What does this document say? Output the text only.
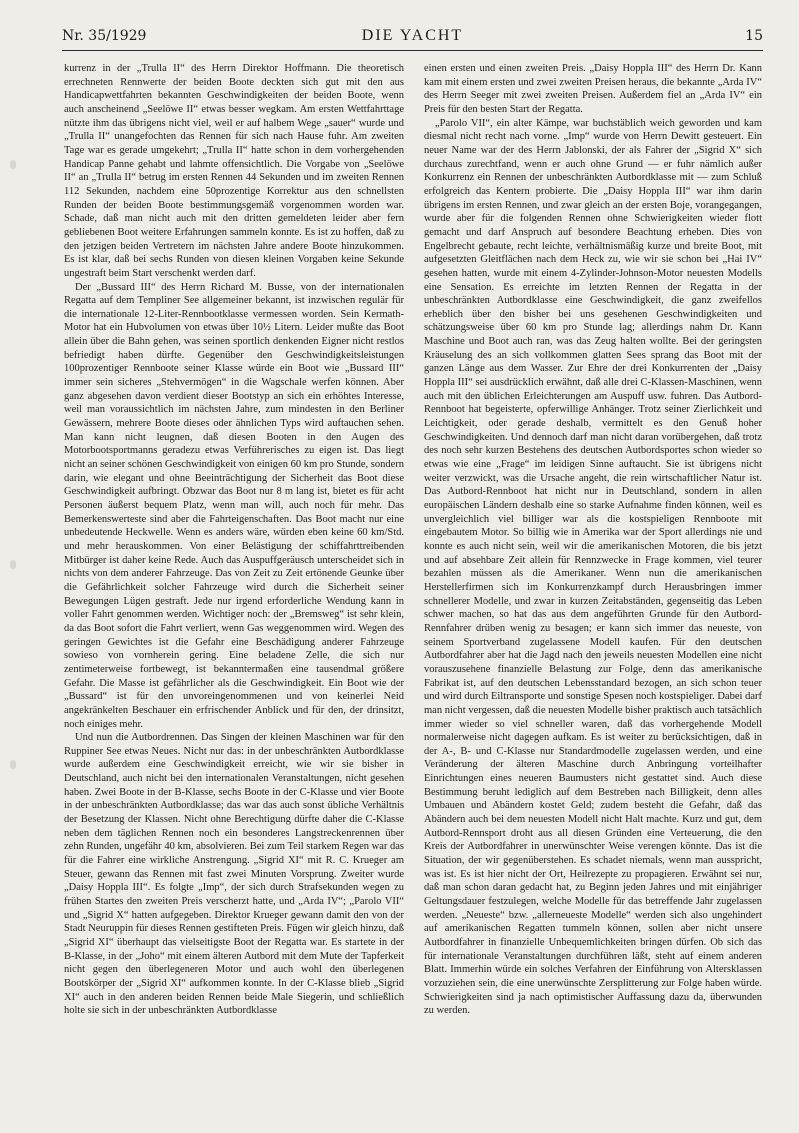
Nr. 35/1929	DIE YACHT	15

kurrenz in der „Trulla II“ des Herrn Direktor Hoffmann. Die theoretisch errechneten Rennwerte der beiden Boote deckten sich gut mit den aus Handicapwettfahrten bekannten Geschwindigkeiten der beiden Boote, wenn auch anscheinend „Seelöwe II“ etwas besser wegkam. Am ersten Wettfahrttage nützte ihm das übrigens nicht viel, weil er auf halbem Wege „sauer“ wurde und „Trulla II“ unangefochten das Rennen für sich nach Hause fuhr. Am zweiten Tage war es gerade umgekehrt; „Trulla II“ hatte schon in dem vorhergehenden Handicap Panne gehabt und lahmte offensichtlich. Die Vorgabe von „Seelöwe II“ an „Trulla II“ betrug im ersten Rennen 44 Sekunden und im zweiten Rennen 112 Sekunden, nachdem eine 50prozentige Korrektur aus den schnellsten Runden der beiden Boote bestimmungsgemäß vorgenommen worden war. Schade, daß man nicht auch mit den dritten gemeldeten leider aber fern gebliebenen Boot weitere Erfahrungen sammeln konnte. Es ist zu hoffen, daß zu den jetzigen beiden Vertretern im nächsten Jahre andere Boote hinzukommen. Es ist klar, daß bei sechs Runden von diesen kleinen Vorgaben keine Sekunde ungestraft beim Start verschenkt werden darf.

Der „Bussard III“ des Herrn Richard M. Busse, von der internationalen Regatta auf dem Templiner See allgemeiner bekannt, ist inzwischen regulär für die internationale 12-Liter-Rennbootklasse vermessen worden. Sein Kermath-Motor hat ein Hubvolumen von etwas über 10½ Litern. Leider mußte das Boot allein über die Bahn gehen, was seinen sportlich denkenden Eigner nicht restlos befriedigt haben dürfte. Gegenüber den Geschwindigkeitsleistungen 100prozentiger Rennboote seiner Klasse würde ein Boot wie „Bussard III“ immer sein sicheres „Stehvermögen“ in die Wagschale werfen können. Aber ganz abgesehen davon verdient dieser Bootstyp an sich ein erhöhtes Interesse, weil man voraussichtlich im nächsten Jahre, zum mindesten in den Berliner Gewässern, mehrere Boote dieses oder ähnlichen Typs wird auftauchen sehen. Man kann nicht leugnen, daß diesen Booten in den Augen des Motorbootsportmanns geradezu etwas Verführerisches zu eigen ist. Das liegt nicht an seiner schönen Geschwindigkeit von einigen 60 km pro Stunde, sondern darin, wie elegant und ohne Beeinträchtigung der Sicherheit das Boot diese Geschwindigkeit aufbringt. Obzwar das Boot nur 8 m lang ist, bietet es für acht Personen äußerst bequem Platz, wenn man will, auch noch für mehr. Das Bemerkenswerteste sind aber die Fahrteigenschaften. Das Boot macht nur eine unbedeutende Heckwelle. Wenn es anders wäre, würden eben keine 60 km/Std. und mehr herauskommen. Von einer Belästigung der schiffahrttreibenden Mitbürger ist daher keine Rede. Auch das Auspuffgeräusch unterscheidet sich in nichts von dem anderer Fahrzeuge. Das von Zeit zu Zeit ertönende Geunke über die Gefährlichkeit solcher Fahrzeuge wird durch die Sicherheit seiner Bewegungen Lügen gestraft. Jede nur irgend erforderliche Wendung kann in voller Fahrt genommen werden. Wichtiger noch: der „Bremsweg“ ist sehr klein, da das Boot sofort die Fahrt verliert, wenn Gas weggenommen wird. Wegen des geringen Gewichtes ist die Gefahr eine Beschädigung anderer Fahrzeuge sowieso von vornherein gering. Eine beladene Zelle, die sich nur zentimeterweise fortbewegt, ist bekanntermaßen eine tausendmal größere Gefahr. Die Masse ist gefährlicher als die Geschwindigkeit. Ein Boot wie der „Bussard“ ist für den unvoreingenommenen und von keinerlei Neid angekränkelten Beschauer ein erfrischender Anblick und für den, der drinsitzt, noch einiges mehr.

Und nun die Autbordrennen. Das Singen der kleinen Maschinen war für den Ruppiner See etwas Neues. Nicht nur das: in der unbeschränkten Autbordklasse wurde außerdem eine Geschwindigkeit erreicht, wie wir sie bisher in Deutschland, auch nicht bei den internationalen Veranstaltungen, nicht gesehen haben. Zwei Boote in der B-Klasse, sechs Boote in der C-Klasse und vier Boote in der unbeschränkten Autbordklasse; das war das auch sonst übliche Verhältnis der Besetzung der Klassen. Nicht ohne Berechtigung dürfte daher die C-Klasse neben dem täglichen Rennen noch ein besonderes Langstreckenrennen über zehn Runden, ungefähr 40 km, absolvieren. Bei zum Teil starkem Regen war das für die Fahrer eine wirkliche Anstrengung. „Sigrid XI“ mit R. C. Krueger am Steuer, gewann das Rennen mit fast zwei Minuten Vorsprung. Zweiter wurde „Daisy Hoppla III“. Es folgte „Imp“, der sich durch Strafsekunden wegen zu frühen Startes den zweiten Preis verscherzt hatte, und „Arda IV“; „Parolo VII“ und „Sigrid X“ hatten aufgegeben. Direktor Krueger gewann damit den von der Stadt Neuruppin für dieses Rennen gestifteten Preis. Fügen wir gleich hinzu, daß „Sigrid XI“ überhaupt das vielseitigste Boot der Regatta war. Es startete in der B-Klasse, in der „Joho“ mit einem älteren Autbord mit dem Mute der Tapferkeit nicht gegen den überlegeneren Motor und auch wohl den überlegenen Bootskörper der „Sigrid XI“ aufkommen konnte. In der C-Klasse blieb „Sigrid XI“ auch in den anderen beiden Rennen beide Male Siegerin, und schließlich holte sie sich in der unbeschränkten Autbordklasse

einen ersten und einen zweiten Preis. „Daisy Hoppla III“ des Herrn Dr. Kann kam mit einem ersten und zwei zweiten Preisen heraus, die bekannte „Arda IV“ des Herrn Seeger mit zwei zweiten Preisen. Außerdem fiel an „Arda IV“ ein Preis für den besten Start der Regatta.

„Parolo VII“, ein alter Kämpe, war buchstäblich weich geworden und kam diesmal nicht recht nach vorne. „Imp“ wurde von Herrn Dewitt gesteuert. Ein neuer Name war der des Herrn Jablonski, der als Fahrer der „Sigrid X“ sich durchaus zurechtfand, wenn er auch ohne Grund — er fuhr nämlich außer Konkurrenz ein Rennen der unbeschränkten Autbordklasse mit — zum Schluß erfolgreich das Kentern probierte. Die „Daisy Hoppla III“ war ihm darin übrigens im ersten Rennen, und zwar gleich an der ersten Boje, vorangegangen, wurde aber für die folgenden Rennen ohne Schwierigkeiten wieder flott gemacht und darf Anspruch auf besondere Beachtung erheben. Dies von Engelbrecht gebaute, recht leichte, verhältnismäßig kurze und breite Boot, mit aufgesetzten Gleitflächen nach dem Heck zu, wie wir sie schon bei „Hai IV“ gesehen hatten, wurde mit einem 4-Zylinder-Johnson-Motor neuesten Modells eine Sensation. Es erreichte im letzten Rennen der Regatta in der unbeschränkten Autbordklasse eine Geschwindigkeit, die ganz zweifellos erheblich über den bisher bei uns gesehenen Geschwindigkeiten und schätzungsweise über 60 km pro Stunde lag; allerdings nahm Dr. Kann Maschine und Boot auch ran, was das Zeug halten wollte. Bei der geringsten Kräuselung des an sich vollkommen glatten Sees sprang das Boot mit der ganzen Länge aus dem Wasser. Zur Ehre der drei Konkurrenten der „Daisy Hoppla III“ sei ausdrücklich erwähnt, daß alle drei C-Klassen-Maschinen, wenn auch mit den üblichen Erleichterungen am Auspuff usw. fuhren. Das Autbord-Rennboot hat begeisterte, opferwillige Anhänger. Trotz seiner Zierlichkeit und Leichtigkeit, oder gerade deshalb, vermittelt es den Genuß hoher Geschwindigkeiten. Und dennoch darf man nicht daran vorübergehen, daß trotz des noch sehr kurzen Bestehens des deutschen Autbordsportes schon wieder so etwas wie eine „Frage“ im leidigen Sinne auftaucht. Sie ist übrigens nicht weiter verzwickt, was die Ursache angeht, die rein wirtschaftlicher Natur ist. Das Autbord-Rennboot hat nicht nur in Deutschland, sondern in allen europäischen Ländern deshalb eine so starke Aufnahme finden können, weil es unvergleichlich viel billiger war als die kostspieligen Rennboote mit eingebautem Motor. So billig wie in Amerika war der Sport allerdings nie und konnte es auch nicht sein, weil wir die amerikanischen Motoren, die bis jetzt und auf absehbare Zeit allein für Rennzwecke in Frage kommen, viel teurer bezahlen müssen als die Amerikaner. Wenn nun die amerikanischen Herstellerfirmen sich im Konkurrenzkampf durch Herausbringen immer schnellerer Modelle, und zwar in kurzen Zeitabständen, gegenseitig das Leben schwer machen, so hat das aus dem angeführten Grunde für den Autbord-Rennfahrer drüben wenig zu besagen; er kann sich immer das neueste, von seinem Sportverband zugelassene Modell kaufen. Für den deutschen Autbordfahrer aber hat die Jagd nach den jeweils neuesten Modellen eine nicht vorauszusehene finanzielle Belastung zur Folge, denn das amerikanische Fabrikat ist, auf den deutschen Lebensstandard bezogen, an sich schon teuer und wird durch Eiltransporte und sonstige Spesen noch kostspieliger. Dabei darf man nicht vergessen, daß die neuesten Modelle bisher praktisch auch tatsächlich immer wieder so viel schneller waren, daß das vorhergehende Modell normalerweise nicht dagegen aufkam. Es ist weiter zu berücksichtigen, daß in der A-, B- und C-Klasse nur Standardmodelle zugelassen werden, und eine Veränderung der älteren Maschine durch Anbringung vorteilhafter Einrichtungen eines neueren Baumusters nicht gestattet sind. Auch diese Bestimmung beruht lediglich auf dem Bestreben nach Billigkeit, denn alles Umbauen und Abändern kostet Geld; zudem besteht die Gefahr, daß das Abändern auch bei dem neuesten Modell nicht Halt machte. Kurz und gut, dem Autbord-Rennsport droht aus all diesen Gründen eine Verteuerung, die den Kreis der Autbordfahrer in unerwünschter Weise verengen könnte. Das ist die Situation, der wir gegenüberstehen. Es schadet niemals, wenn man ausspricht, was ist. Es ist hier nicht der Ort, Heilrezepte zu propagieren. Erwähnt sei nur, daß man schon daran gedacht hat, zu Beginn jeden Jahres und mit einjähriger Geltungsdauer festzulegen, welche Modelle für das betreffende Jahr zugelassen werden. „Neueste“ bzw. „allerneueste Modelle“ werden sich also ungehindert auf amerikanischen Regatten tummeln können, sollen aber nicht unsere Autbordfahrer in finanzielle Unbequemlichkeiten bringen dürfen. Ob sich das für internationale Veranstaltungen durchführen läßt, steht auf einem anderen Blatt. Immerhin würde ein solches Verfahren der Einführung von Altersklassen vorzuziehen sein, die eine unerwünschte Zersplitterung zur Folge haben würde. Schwierigkeiten sind ja nach optimistischer Auffassung dazu da, überwunden zu werden.
